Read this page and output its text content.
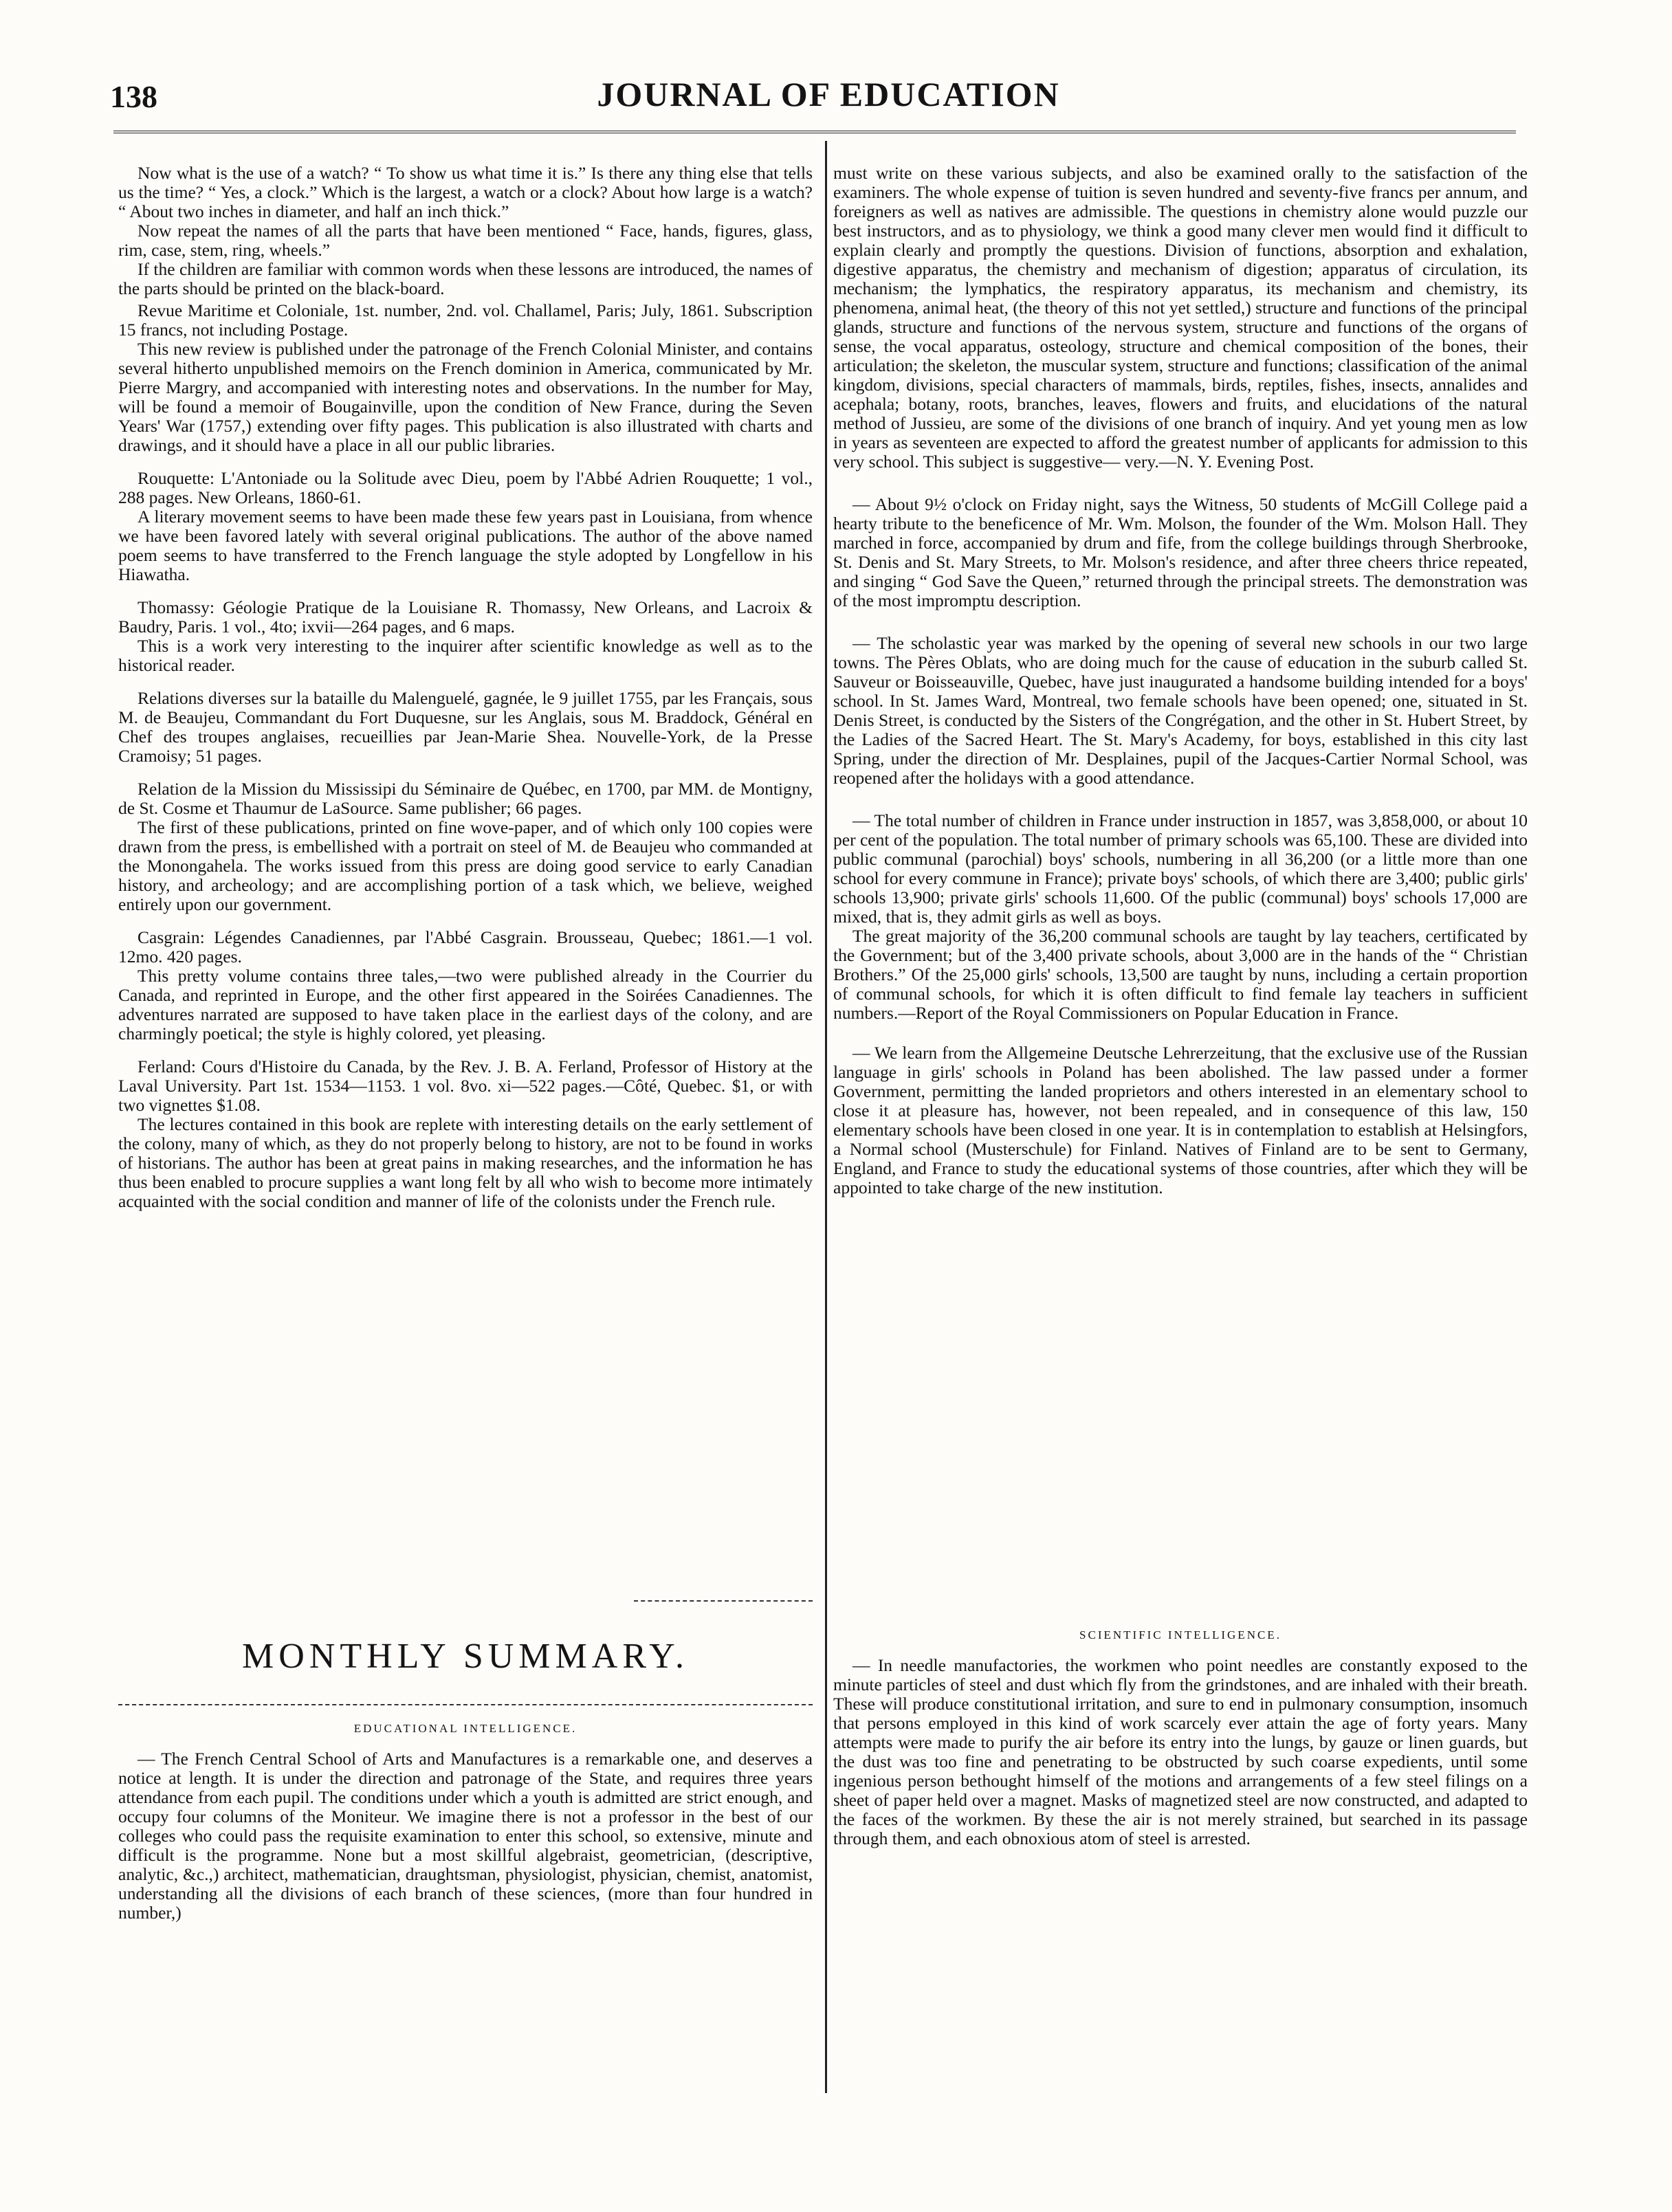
JOURNAL OF EDUCATION
138

Now what is the use of a watch? “ To show us what time it is.” Is there any thing else that tells us the time? “ Yes, a clock.” Which is the largest, a watch or a clock? About how large is a watch? “ About two inches in diameter, and half an inch thick.”

Now repeat the names of all the parts that have been mentioned “ Face, hands, figures, glass, rim, case, stem, ring, wheels.”

If the children are familiar with common words when these lessons are introduced, the names of the parts should be printed on the black-board.

Revue Maritime et Coloniale, 1st. number, 2nd. vol. Challamel, Paris; July, 1861. Subscription 15 francs, not including Postage.

This new review is published under the patronage of the French Colonial Minister, and contains several hitherto unpublished memoirs on the French dominion in America, communicated by Mr. Pierre Margry, and accompanied with interesting notes and observations. In the number for May, will be found a memoir of Bougainville, upon the condition of New France, during the Seven Years' War (1757,) extending over fifty pages. This publication is also illustrated with charts and drawings, and it should have a place in all our public libraries.

Rouquette: L'Antoniade ou la Solitude avec Dieu, poem by l'Abbé Adrien Rouquette; 1 vol., 288 pages. New Orleans, 1860-61.

A literary movement seems to have been made these few years past in Louisiana, from whence we have been favored lately with several original publications. The author of the above named poem seems to have transferred to the French language the style adopted by Longfellow in his Hiawatha.

Thomassy: Géologie Pratique de la Louisiane R. Thomassy, New Orleans, and Lacroix & Baudry, Paris. 1 vol., 4to; ixvii—264 pages, and 6 maps.

This is a work very interesting to the inquirer after scientific knowledge as well as to the historical reader.

Relations diverses sur la bataille du Malenguelé, gagnée, le 9 juillet 1755, par les Français, sous M. de Beaujeu, Commandant du Fort Duquesne, sur les Anglais, sous M. Braddock, Général en Chef des troupes anglaises, recueillies par Jean-Marie Shea. Nouvelle-York, de la Presse Cramoisy; 51 pages.

Relation de la Mission du Mississipi du Séminaire de Québec, en 1700, par MM. de Montigny, de St. Cosme et Thaumur de LaSource. Same publisher; 66 pages.

The first of these publications, printed on fine wove-paper, and of which only 100 copies were drawn from the press, is embellished with a portrait on steel of M. de Beaujeu who commanded at the Monongahela. The works issued from this press are doing good service to early Canadian history, and archeology; and are accomplishing portion of a task which, we believe, weighed entirely upon our government.

Casgrain: Légendes Canadiennes, par l'Abbé Casgrain. Brousseau, Quebec; 1861.—1 vol. 12mo. 420 pages.

This pretty volume contains three tales,—two were published already in the Courrier du Canada, and reprinted in Europe, and the other first appeared in the Soirées Canadiennes. The adventures narrated are supposed to have taken place in the earliest days of the colony, and are charmingly poetical; the style is highly colored, yet pleasing.

Ferland: Cours d'Histoire du Canada, by the Rev. J. B. A. Ferland, Professor of History at the Laval University. Part 1st. 1534—1153. 1 vol. 8vo. xi—522 pages.—Côté, Quebec. $1, or with two vignettes $1.08.

The lectures contained in this book are replete with interesting details on the early settlement of the colony, many of which, as they do not properly belong to history, are not to be found in works of historians. The author has been at great pains in making researches, and the information he has thus been enabled to procure supplies a want long felt by all who wish to become more intimately acquainted with the social condition and manner of life of the colonists under the French rule.

MONTHLY SUMMARY.
EDUCATIONAL INTELLIGENCE.

— The French Central School of Arts and Manufactures is a remarkable one, and deserves a notice at length. It is under the direction and patronage of the State, and requires three years attendance from each pupil. The conditions under which a youth is admitted are strict enough, and occupy four columns of the Moniteur. We imagine there is not a professor in the best of our colleges who could pass the requisite examination to enter this school, so extensive, minute and difficult is the programme. None but a most skillful algebraist, geometrician, (descriptive, analytic, &c.,) architect, mathematician, draughtsman, physiologist, physician, chemist, anatomist, understanding all the divisions of each branch of these sciences, (more than four hundred in number,)

must write on these various subjects, and also be examined orally to the satisfaction of the examiners. The whole expense of tuition is seven hundred and seventy-five francs per annum, and foreigners as well as natives are admissible. The questions in chemistry alone would puzzle our best instructors, and as to physiology, we think a good many clever men would find it difficult to explain clearly and promptly the questions. Division of functions, absorption and exhalation, digestive apparatus, the chemistry and mechanism of digestion; apparatus of circulation, its mechanism; the lymphatics, the respiratory apparatus, its mechanism and chemistry, its phenomena, animal heat, (the theory of this not yet settled,) structure and functions of the principal glands, structure and functions of the nervous system, structure and functions of the organs of sense, the vocal apparatus, osteology, structure and chemical composition of the bones, their articulation; the skeleton, the muscular system, structure and functions; classification of the animal kingdom, divisions, special characters of mammals, birds, reptiles, fishes, insects, annalides and acephala; botany, roots, branches, leaves, flowers and fruits, and elucidations of the natural method of Jussieu, are some of the divisions of one branch of inquiry. And yet young men as low in years as seventeen are expected to afford the greatest number of applicants for admission to this very school. This subject is suggestive— very.—N. Y. Evening Post.

— About 9½ o'clock on Friday night, says the Witness, 50 students of McGill College paid a hearty tribute to the beneficence of Mr. Wm. Molson, the founder of the Wm. Molson Hall. They marched in force, accompanied by drum and fife, from the college buildings through Sherbrooke, St. Denis and St. Mary Streets, to Mr. Molson's residence, and after three cheers thrice repeated, and singing “ God Save the Queen,” returned through the principal streets. The demonstration was of the most impromptu description.

— The scholastic year was marked by the opening of several new schools in our two large towns. The Pères Oblats, who are doing much for the cause of education in the suburb called St. Sauveur or Boisseauville, Quebec, have just inaugurated a handsome building intended for a boys' school. In St. James Ward, Montreal, two female schools have been opened; one, situated in St. Denis Street, is conducted by the Sisters of the Congrégation, and the other in St. Hubert Street, by the Ladies of the Sacred Heart. The St. Mary's Academy, for boys, established in this city last Spring, under the direction of Mr. Desplaines, pupil of the Jacques-Cartier Normal School, was reopened after the holidays with a good attendance.

— The total number of children in France under instruction in 1857, was 3,858,000, or about 10 per cent of the population. The total number of primary schools was 65,100. These are divided into public communal (parochial) boys' schools, numbering in all 36,200 (or a little more than one school for every commune in France); private boys' schools, of which there are 3,400; public girls' schools 13,900; private girls' schools 11,600. Of the public (communal) boys' schools 17,000 are mixed, that is, they admit girls as well as boys.

The great majority of the 36,200 communal schools are taught by lay teachers, certificated by the Government; but of the 3,400 private schools, about 3,000 are in the hands of the “ Christian Brothers.” Of the 25,000 girls' schools, 13,500 are taught by nuns, including a certain proportion of communal schools, for which it is often difficult to find female lay teachers in sufficient numbers.—Report of the Royal Commissioners on Popular Education in France.

— We learn from the Allgemeine Deutsche Lehrerzeitung, that the exclusive use of the Russian language in girls' schools in Poland has been abolished. The law passed under a former Government, permitting the landed proprietors and others interested in an elementary school to close it at pleasure has, however, not been repealed, and in consequence of this law, 150 elementary schools have been closed in one year. It is in contemplation to establish at Helsingfors, a Normal school (Musterschule) for Finland. Natives of Finland are to be sent to Germany, England, and France to study the educational systems of those countries, after which they will be appointed to take charge of the new institution.

SCIENTIFIC INTELLIGENCE.

— In needle manufactories, the workmen who point needles are constantly exposed to the minute particles of steel and dust which fly from the grindstones, and are inhaled with their breath. These will produce constitutional irritation, and sure to end in pulmonary consumption, insomuch that persons employed in this kind of work scarcely ever attain the age of forty years. Many attempts were made to purify the air before its entry into the lungs, by gauze or linen guards, but the dust was too fine and penetrating to be obstructed by such coarse expedients, until some ingenious person bethought himself of the motions and arrangements of a few steel filings on a sheet of paper held over a magnet. Masks of magnetized steel are now constructed, and adapted to the faces of the workmen. By these the air is not merely strained, but searched in its passage through them, and each obnoxious atom of steel is arrested.
